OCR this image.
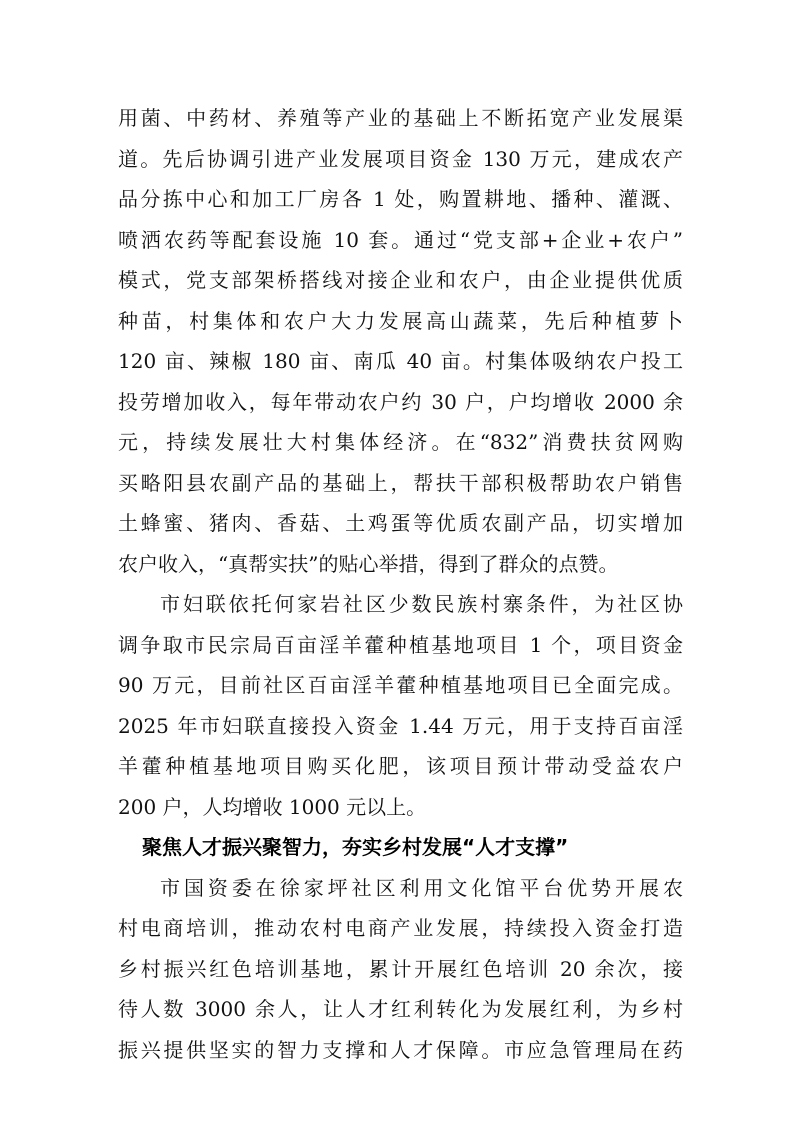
用菌、中药材、养殖等产业的基础上不断拓宽产业发展渠
道。先后协调引进产业发展项目资金 130 万元，建成农产
品分拣中心和加工厂房各 1 处，购置耕地、播种、灌溉、
喷洒农药等配套设施 10 套。通过“党支部+企业+农户”
模式，党支部架桥搭线对接企业和农户，由企业提供优质
种苗，村集体和农户大力发展高山蔬菜，先后种植萝卜
120 亩、辣椒 180 亩、南瓜 40 亩。村集体吸纳农户投工
投劳增加收入，每年带动农户约 30 户，户均增收 2000 余
元，持续发展壮大村集体经济。在“832”消费扶贫网购
买略阳县农副产品的基础上，帮扶干部积极帮助农户销售
土蜂蜜、猪肉、香菇、土鸡蛋等优质农副产品，切实增加
农户收入，“真帮实扶”的贴心举措，得到了群众的点赞。
市妇联依托何家岩社区少数民族村寨条件，为社区协
调争取市民宗局百亩淫羊藿种植基地项目 1 个，项目资金
90 万元，目前社区百亩淫羊藿种植基地项目已全面完成。
2025 年市妇联直接投入资金 1.44 万元，用于支持百亩淫
羊藿种植基地项目购买化肥，该项目预计带动受益农户
200 户，人均增收 1000 元以上。
聚焦人才振兴聚智力，夯实乡村发展“人才支撑”
市国资委在徐家坪社区利用文化馆平台优势开展农
村电商培训，推动农村电商产业发展，持续投入资金打造
乡村振兴红色培训基地，累计开展红色培训 20 余次，接
待人数 3000 余人，让人才红利转化为发展红利，为乡村
振兴提供坚实的智力支撑和人才保障。市应急管理局在药
